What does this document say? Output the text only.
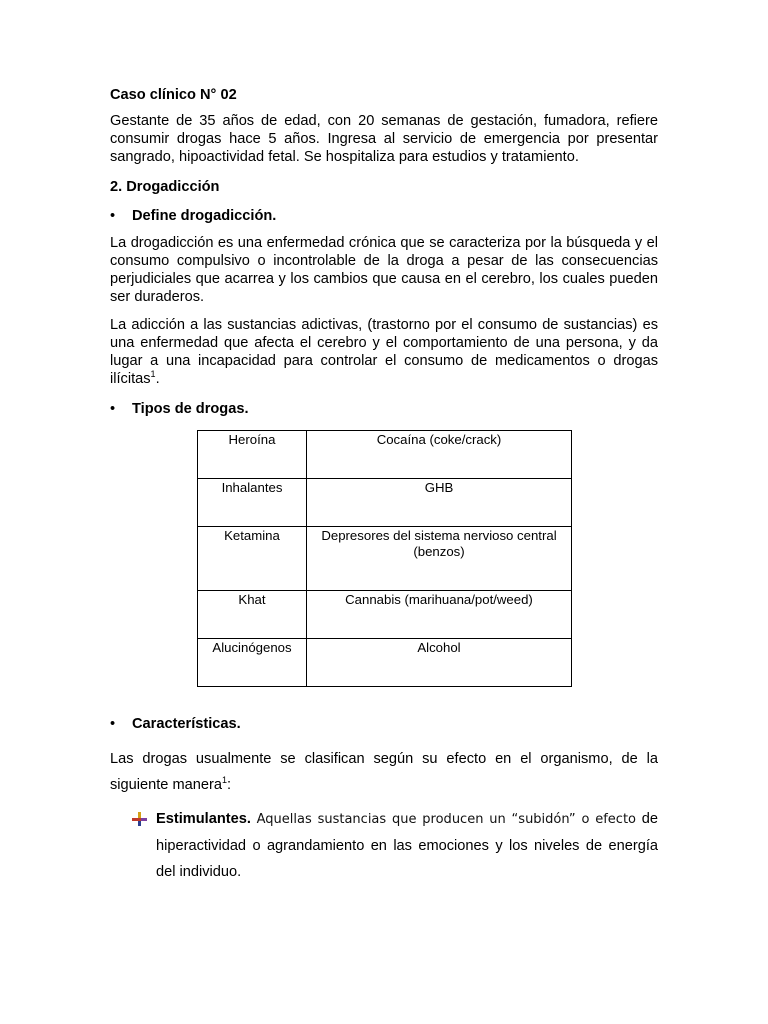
Caso clínico N° 02

Gestante de 35 años de edad, con 20 semanas de gestación, fumadora, refiere consumir drogas hace 5 años. Ingresa al servicio de emergencia por presentar sangrado, hipoactividad fetal. Se hospitaliza para estudios y tratamiento.

2. Drogadicción
• Define drogadicción.

La drogadicción es una enfermedad crónica que se caracteriza por la búsqueda y el consumo compulsivo o incontrolable de la droga a pesar de las consecuencias perjudiciales que acarrea y los cambios que causa en el cerebro, los cuales pueden ser duraderos.

La adicción a las sustancias adictivas, (trastorno por el consumo de sustancias) es una enfermedad que afecta el cerebro y el comportamiento de una persona, y da lugar a una incapacidad para controlar el consumo de medicamentos o drogas ilícitas$^1$.

• Tipos de drogas.
Heroína	Cocaína (coke/crack)
Inhalantes	GHB
Ketamina	Depresores del sistema nervioso central (benzos)
Khat	Cannabis (marihuana/pot/weed)
Alucinógenos	Alcohol
• Características.

Las drogas usualmente se clasifican según su efecto en el organismo, de la siguiente manera$^1$:

Estimulantes. Aquellas sustancias que producen un “subidón” o efecto de hiperactividad o agrandamiento en las emociones y los niveles de energía del individuo.
